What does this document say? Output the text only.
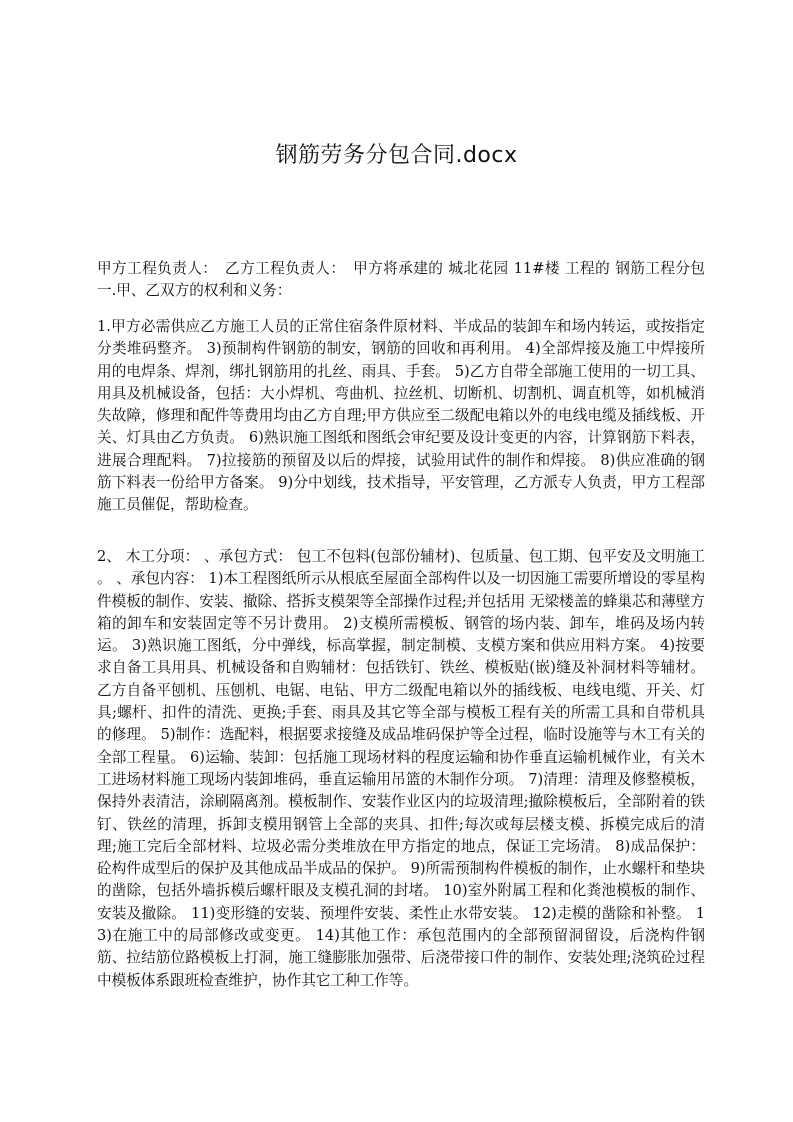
钢筋劳务分包合同.docx

甲方工程负责人：　乙方工程负责人：　甲方将承建的 城北花园 11#楼 工程的 钢筋工程分包 一.甲、乙双方的权利和义务：

1.甲方必需供应乙方施工人员的正常住宿条件原材料、半成品的装卸车和场内转运，或按指定分类堆码整齐。 3)预制构件钢筋的制安，钢筋的回收和再利用。 4)全部焊接及施工中焊接所用的电焊条、焊剂，绑扎钢筋用的扎丝、雨具、手套。 5)乙方自带全部施工使用的一切工具、用具及机械设备，包括：大小焊机、弯曲机、拉丝机、切断机、切割机、调直机等，如机械消失故障，修理和配件等费用均由乙方自理;甲方供应至二级配电箱以外的电线电缆及插线板、开关、灯具由乙方负责。 6)熟识施工图纸和图纸会审纪要及设计变更的内容，计算钢筋下料表，进展合理配料。 7)拉接筋的预留及以后的焊接，试验用试件的制作和焊接。 8)供应准确的钢筋下料表一份给甲方备案。 9)分中划线，技术指导，平安管理，乙方派专人负责，甲方工程部施工员催促，帮助检查。

2、 木工分项： 、承包方式： 包工不包料(包部份辅材)、包质量、包工期、包平安及文明施工 。 、承包内容： 1)本工程图纸所示从根底至屋面全部构件以及一切因施工需要所增设的零星构件模板的制作、安装、撤除、搭拆支模架等全部操作过程;并包括用 无梁楼盖的蜂巢芯和薄壁方箱的卸车和安装固定等不另计费用。 2)支模所需模板、钢管的场内装、卸车，堆码及场内转运。 3)熟识施工图纸，分中弹线，标高掌握，制定制模、支模方案和供应用料方案。 4)按要求自备工具用具、机械设备和自购辅材：包括铁钉、铁丝、模板贴(嵌)缝及补洞材料等辅材。乙方自备平刨机、压刨机、电锯、电钻、甲方二级配电箱以外的插线板、电线电缆、开关、灯具;螺杆、扣件的清洗、更换;手套、雨具及其它等全部与模板工程有关的所需工具和自带机具的修理。 5)制作：选配料，根据要求接缝及成品堆码保护等全过程，临时设施等与木工有关的全部工程量。 6)运输、装卸：包括施工现场材料的程度运输和协作垂直运输机械作业，有关木工进场材料施工现场内装卸堆码，垂直运输用吊篮的木制作分项。 7)清理：清理及修整模板，保持外表清洁，涂刷隔离剂。模板制作、安装作业区内的垃圾清理;撤除模板后，全部附着的铁钉、铁丝的清理，拆卸支模用钢管上全部的夹具、扣件;每次或每层楼支模、拆模完成后的清理;施工完后全部材料、垃圾必需分类堆放在甲方指定的地点，保证工完场清。 8)成品保护：砼构件成型后的保护及其他成品半成品的保护。 9)所需预制构件模板的制作，止水螺杆和垫块的凿除，包括外墙拆模后螺杆眼及支模孔洞的封堵。 10)室外附属工程和化粪池模板的制作、安装及撤除。 11)变形缝的安装、预埋件安装、柔性止水带安装。 12)走模的凿除和补整。 13)在施工中的局部修改或变更。 14)其他工作：承包范围内的全部预留洞留设，后浇构件钢筋、拉结筋位路模板上打洞，施工缝膨胀加强带、后浇带接口件的制作、安装处理;浇筑砼过程中模板体系跟班检查维护，协作其它工种工作等。
